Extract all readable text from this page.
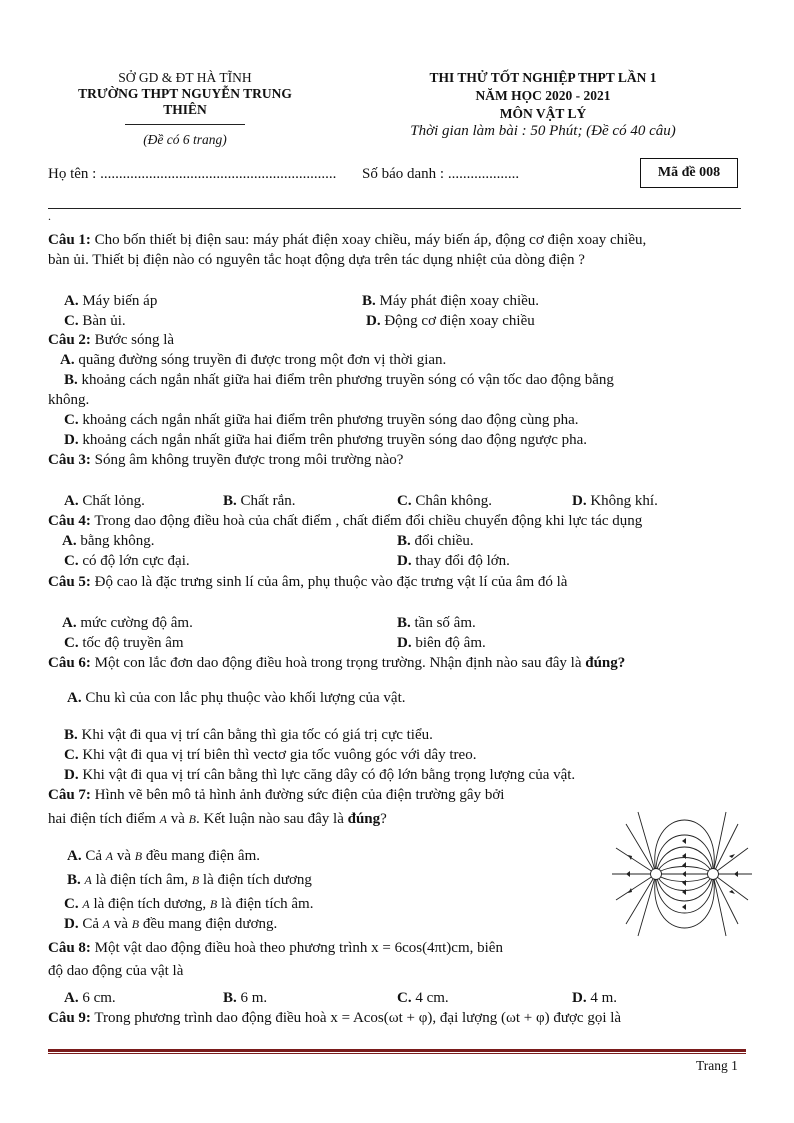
SỞ GD & ĐT HÀ TĨNH
TRƯỜNG THPT NGUYỄN TRUNG
THIÊN
(Đề có 6 trang)
THI THỬ TỐT NGHIỆP THPT LẦN 1
NĂM HỌC 2020 - 2021
MÔN VẬT LÝ
Thời gian làm bài : 50 Phút; (Đề có 40 câu)
Họ tên : ............................................................... Số báo danh : ...................	Mã đề 008
.
Câu 1: Cho bốn thiết bị điện sau: máy phát điện xoay chiều, máy biến áp, động cơ điện xoay chiều,
bàn ủi. Thiết bị điện nào có nguyên tắc hoạt động dựa trên tác dụng nhiệt của dòng điện ?
A. Máy biến áp	B. Máy phát điện xoay chiều.
C. Bàn ủi.	D. Động cơ điện xoay chiều
Câu 2: Bước sóng là
A. quãng đường sóng truyền đi được trong một đơn vị thời gian.
B. khoảng cách ngắn nhất giữa hai điểm trên phương truyền sóng có vận tốc dao động bằng
không.
C. khoảng cách ngắn nhất giữa hai điểm trên phương truyền sóng dao động cùng pha.
D. khoảng cách ngắn nhất giữa hai điểm trên phương truyền sóng dao động ngược pha.
Câu 3: Sóng âm không truyền được trong môi trường nào?
A. Chất lỏng.	B. Chất rắn.	C. Chân không.	D. Không khí.
Câu 4: Trong dao động điều hoà của chất điểm , chất điểm đổi chiều chuyển động khi lực tác dụng
A. bằng không.	B. đổi chiều.
C. có độ lớn cực đại.	D. thay đổi độ lớn.
Câu 5: Độ cao là đặc trưng sinh lí của âm, phụ thuộc vào đặc trưng vật lí của âm đó là
A. mức cường độ âm.	B. tần số âm.
C. tốc độ truyền âm	D. biên độ âm.
Câu 6: Một con lắc đơn dao động điều hoà trong trọng trường. Nhận định nào sau đây là đúng?
A. Chu kì của con lắc phụ thuộc vào khối lượng của vật.
B. Khi vật đi qua vị trí cân bằng thì gia tốc có giá trị cực tiểu.
C. Khi vật đi qua vị trí biên thì vectơ gia tốc vuông góc với dây treo.
D. Khi vật đi qua vị trí cân bằng thì lực căng dây có độ lớn bằng trọng lượng của vật.
Câu 7: Hình vẽ bên mô tả hình ảnh đường sức điện của điện trường gây bởi
hai điện tích điểm A và B. Kết luận nào sau đây là đúng?
A. Cả A và B đều mang điện âm.
B. A là điện tích âm, B là điện tích dương
C. A là điện tích dương, B là điện tích âm.
D. Cả A và B đều mang điện dương.
Câu 8: Một vật dao động điều hoà theo phương trình x = 6cos(4πt)cm, biên
độ dao động của vật là
A. 6 cm.	B. 6 m.	C. 4 cm.	D. 4 m.
Câu 9: Trong phương trình dao động điều hoà x = Acos(ωt + φ), đại lượng (ωt + φ) được gọi là
Trang 1
